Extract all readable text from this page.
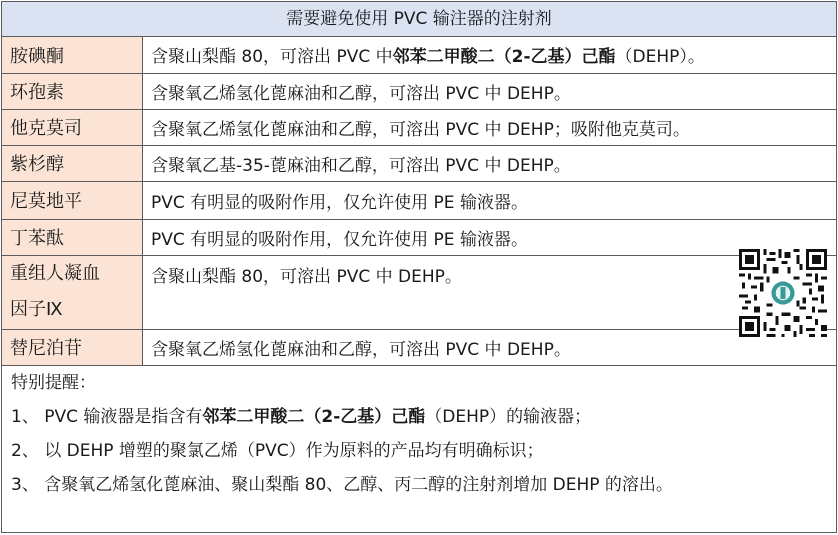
需要避免使用 PVC 输注器的注射剂
胺碘酮	含聚山梨酯 80，可溶出 PVC 中邻苯二甲酸二（2-乙基）己酯（DEHP）。
环孢素	含聚氧乙烯氢化蓖麻油和乙醇，可溶出 PVC 中 DEHP。
他克莫司	含聚氧乙烯氢化蓖麻油和乙醇，可溶出 PVC 中 DEHP；吸附他克莫司。
紫杉醇	含聚氧乙基-35-蓖麻油和乙醇，可溶出 PVC 中 DEHP。
尼莫地平	PVC 有明显的吸附作用，仅允许使用 PE 输液器。
丁苯酞	PVC 有明显的吸附作用，仅允许使用 PE 输液器。
重组人凝血
因子Ⅸ	含聚山梨酯 80，可溶出 PVC 中 DEHP。
替尼泊苷	含聚氧乙烯氢化蓖麻油和乙醇，可溶出 PVC 中 DEHP。
特别提醒：
1、 PVC 输液器是指含有邻苯二甲酸二（2-乙基）己酯（DEHP）的输液器；
2、 以 DEHP 增塑的聚氯乙烯（PVC）作为原料的产品均有明确标识；
3、 含聚氧乙烯氢化蓖麻油、聚山梨酯 80、乙醇、丙二醇的注射剂增加 DEHP 的溶出。
